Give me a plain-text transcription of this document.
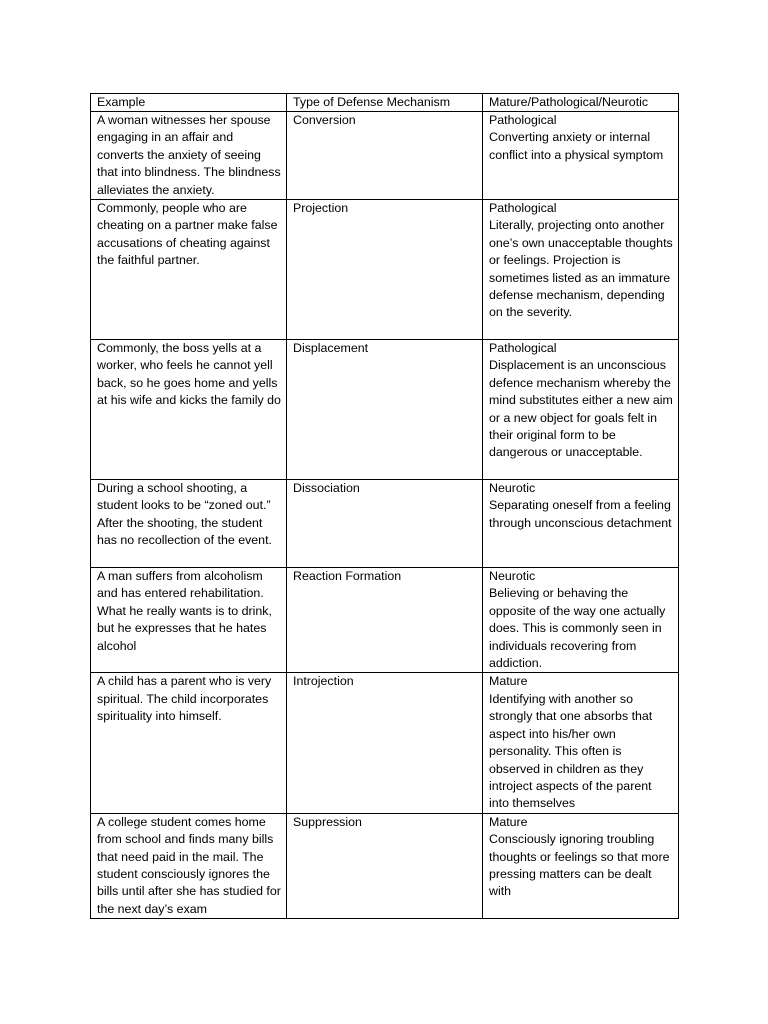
Example	Type of Defense Mechanism	Mature/Pathological/Neurotic
A woman witnesses her spouse engaging in an affair and converts the anxiety of seeing that into blindness. The blindness alleviates the anxiety.	Conversion	Pathological
Converting anxiety or internal conflict into a physical symptom

Commonly, people who are cheating on a partner make false accusations of cheating against the faithful partner.	Projection	Pathological
Literally, projecting onto another one’s own unacceptable thoughts or feelings. Projection is sometimes listed as an immature defense mechanism, depending on the severity.

Commonly, the boss yells at a worker, who feels he cannot yell back, so he goes home and yells at his wife and kicks the family do	Displacement	Pathological
Displacement is an unconscious defence mechanism whereby the mind substitutes either a new aim or a new object for goals felt in their original form to be dangerous or unacceptable.

During a school shooting, a student looks to be “zoned out.” After the shooting, the student has no recollection of the event.	Dissociation	Neurotic
Separating oneself from a feeling through unconscious detachment

A man suffers from alcoholism and has entered rehabilitation. What he really wants is to drink, but he expresses that he hates alcohol	Reaction Formation	Neurotic
Believing or behaving the opposite of the way one actually does. This is commonly seen in individuals recovering from addiction.

A child has a parent who is very spiritual. The child incorporates spirituality into himself.	Introjection	Mature
Identifying with another so strongly that one absorbs that aspect into his/her own personality. This often is observed in children as they introject aspects of the parent into themselves

A college student comes home from school and finds many bills that need paid in the mail. The student consciously ignores the bills until after she has studied for the next day’s exam	Suppression	Mature
Consciously ignoring troubling thoughts or feelings so that more pressing matters can be dealt with
